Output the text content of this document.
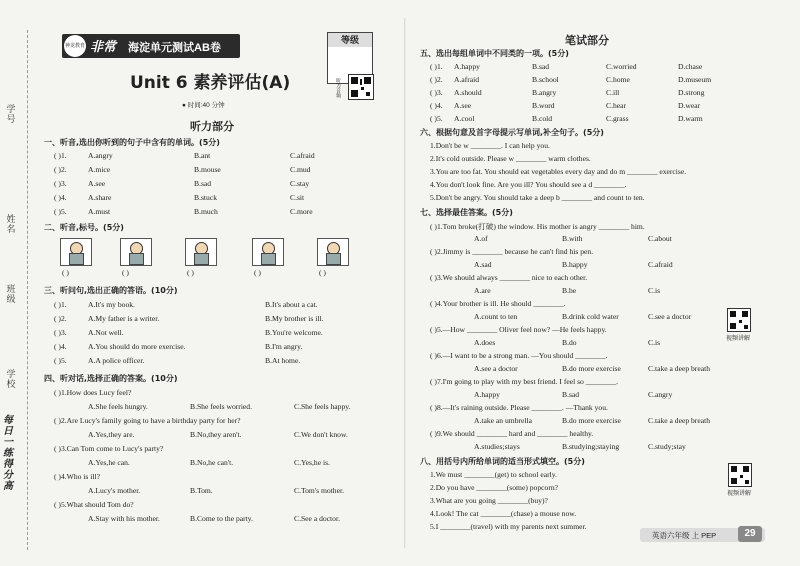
学号
姓名
班级
学校
每日一练 得分高
神龙教育 非常 海淀单元测试AB卷
等级
听力音频
Unit 6 素养评估(A)
● 时间:40 分钟
听力部分
一、听音,选出你听到的句子中含有的单词。(5分)
( )1.	A.angry	B.ant	C.afraid
( )2.	A.mice	B.mouse	C.mud
( )3.	A.see	B.sad	C.stay
( )4.	A.share	B.stuck	C.sit
( )5.	A.must	B.much	C.more
二、听音,标号。(5分)
( )	( )	( )	( )	( )
三、听问句,选出正确的答语。(10分)
( )1.	A.It's my book.	B.It's about a cat.
( )2.	A.My father is a writer.	B.My brother is ill.
( )3.	A.Not well.	B.You're welcome.
( )4.	A.You should do more exercise.	B.I'm angry.
( )5.	A.A police officer.	B.At home.
四、听对话,选择正确的答案。(10分)
( )1.How does Lucy feel?
A.She feels hungry.	B.She feels worried.	C.She feels happy.
( )2.Are Lucy's family going to have a birthday party for her?
A.Yes,they are.	B.No,they aren't.	C.We don't know.
( )3.Can Tom come to Lucy's party?
A.Yes,he can.	B.No,he can't.	C.Yes,he is.
( )4.Who is ill?
A.Lucy's mother.	B.Tom.	C.Tom's mother.
( )5.What should Tom do?
A.Stay with his mother.	B.Come to the party.	C.See a doctor.
笔试部分
五、选出每组单词中不同类的一项。(5分)
( )1. A.happy	B.sad	C.worried	D.chase
( )2. A.afraid	B.school	C.home	D.museum
( )3. A.should	B.angry	C.ill	D.strong
( )4. A.see	B.word	C.hear	D.wear
( )5. A.cool	B.cold	C.grass	D.warm
六、根据句意及首字母提示写单词,补全句子。(5分)
1.Don't be w ________. I can help you.
2.It's cold outside. Please w ________ warm clothes.
3.You are too fat. You should eat vegetables every day and do m ________ exercise.
4.You don't look fine. Are you ill? You should see a d ________.
5.Don't be angry. You should take a deep b ________ and count to ten.
七、选择最佳答案。(5分)
( )1.Tom broke(打破) the window. His mother is angry ________ him.
A.of	B.with	C.about
( )2.Jimmy is ________ because he can't find his pen.
A.sad	B.happy	C.afraid
( )3.We should always ________ nice to each other.
A.are	B.be	C.is
( )4.Your brother is ill. He should ________.
A.count to ten	B.drink cold water	C.see a doctor
( )5.—How ________ Oliver feel now? —He feels happy.
A.does	B.do	C.is
( )6.—I want to be a strong man. —You should ________.
A.see a doctor	B.do more exercise	C.take a deep breath
( )7.I'm going to play with my best friend. I feel so ________.
A.happy	B.sad	C.angry
( )8.—It's raining outside. Please ________. —Thank you.
A.take an umbrella	B.do more exercise	C.take a deep breath
( )9.We should ________ hard and ________ healthy.
A.studies;stays	B.studying;staying	C.study;stay
八、用括号内所给单词的适当形式填空。(5分)
1.We must ________(get) to school early.
2.Do you have ________(some) popcorn?
3.What are you going ________(buy)?
4.Look! The cat ________(chase) a mouse now.
5.I ________(travel) with my parents next summer.
视频讲解
视频讲解
英语六年级 上 PEP	29
